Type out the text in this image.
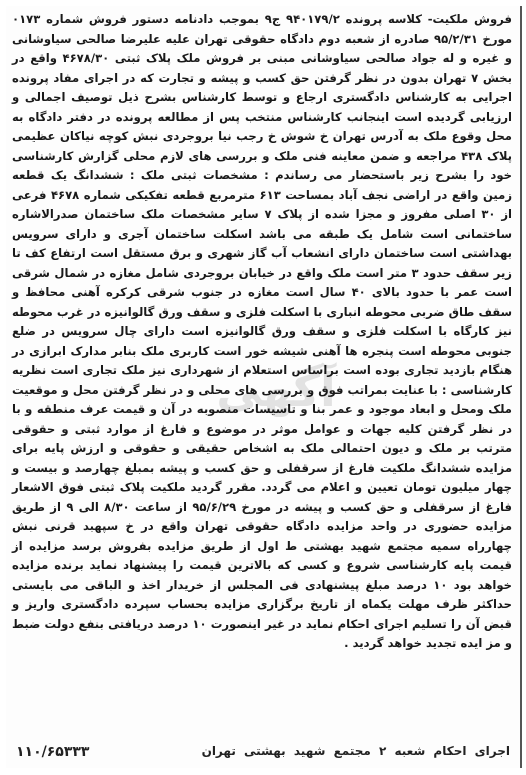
فروش ملکیت- کلاسه پرونده ۹۴۰۱۷۹/۲ ج۹ بموجب دادنامه دستور فروش شماره ۰۱۷۳ مورخ ۹۵/۲/۳۱ صادره از شعبه دوم دادگاه حقوقی تهران علیه علیرضا صالحی سیاوشانی و غیره و له جواد صالحی سیاوشانی مبنی بر فروش ملک پلاک ثبتی ۴۶۷۸/۳۰ واقع در بخش ۷ تهران بدون در نظر گرفتن حق کسب و پیشه و تجارت که در اجرای مفاد پرونده اجرایی به کارشناس دادگستری ارجاع و توسط کارشناس بشرح ذیل توصیف اجمالی و ارزیابی گردیده است اینجانب کارشناس منتخب پس از مطالعه پرونده در دفتر دادگاه به محل وقوع ملک به آدرس تهران خ شوش خ رجب نیا بروجردی نبش کوچه نیاکان عظیمی پلاک ۴۳۸ مراجعه و ضمن معاینه فنی ملک و بررسی های لازم محلی گزارش کارشناسی خود را بشرح زیر باستحضار می رساندم : مشخصات ثبتی ملک : ششدانگ یک قطعه زمین واقع در اراضی نجف آباد بمساحت ۶۱۳ مترمربع قطعه تفکیکی شماره ۴۶۷۸ فرعی از ۳۰ اصلی مفروز و مجزا شده از پلاک ۷ سایر مشخصات ملک ساختمان صدرالاشاره ساختمانی است شامل یک طبقه می باشد اسکلت ساختمان آجری و دارای سرویس بهداشتی است ساختمان دارای انشعاب آب گاز شهری و برق مستقل است ارتفاع کف تا زیر سقف حدود ۳ متر است ملک واقع در خیابان بروجردی شامل مغازه در شمال شرقی است عمر با حدود بالای ۴۰ سال است مغازه در جنوب شرقی کرکره آهنی محافظ و سقف طاق ضربی محوطه انباری با اسکلت فلزی و سقف ورق گالوانیزه در غرب محوطه نیز کارگاه با اسکلت فلزی و سقف ورق گالوانیزه است دارای چال سرویس در ضلع جنوبی محوطه است پنجره ها آهنی شیشه خور است کاربری ملک بنابر مدارک ابرازی در هنگام بازدید تجاری بوده است براساس استعلام از شهرداری نیز ملک تجاری است نظریه کارشناسی : با عنایت بمراتب فوق و بررسی های محلی و در نظر گرفتن محل و موقعیت ملک ومحل و ابعاد موجود و عمر بنا و تاسیسات منصوبه در آن و قیمت عرف منطقه و با در نظر گرفتن کلیه جهات و عوامل موثر در موضوع و فارغ از موارد ثبتی و حقوقی مترتب بر ملک و دیون احتمالی ملک به اشخاص حقیقی و حقوقی و ارزش پایه برای مزایده ششدانگ ملکیت فارغ از سرقفلی و حق کسب و پیشه بمبلغ چهارصد و بیست و چهار میلیون تومان تعیین و اعلام می گردد. مقرر گردید ملکیت پلاک ثبتی فوق الاشعار فارغ از سرقفلی و حق کسب و پیشه در مورخ ۹۵/۶/۲۹ از ساعت ۸/۳۰ الی ۹ از طریق مزایده حضوری در واحد مزایده دادگاه حقوقی تهران واقع در خ سپهبد قرنی نبش چهارراه سمیه مجتمع شهید بهشتی ط اول از طریق مزایده بفروش برسد مزایده از قیمت پایه کارشناسی شروع و کسی که بالاترین قیمت را پیشنهاد نماید برنده مزایده خواهد بود ۱۰ درصد مبلغ پیشنهادی فی المجلس از خریدار اخذ و الباقی می بایستی حداکثر ظرف مهلت یکماه از تاریخ برگزاری مزایده بحساب سپرده دادگستری واریز و قبض آن را تسلیم اجرای احکام نماید در غیر اینصورت ۱۰ درصد دریافتی بنفع دولت ضبط و مز ایده تجدید خواهد گردید .
آگهی
اجرای احکام شعبه ۲ مجتمع شهید بهشتی تهران
۱۱۰/۶۵۳۳۳
